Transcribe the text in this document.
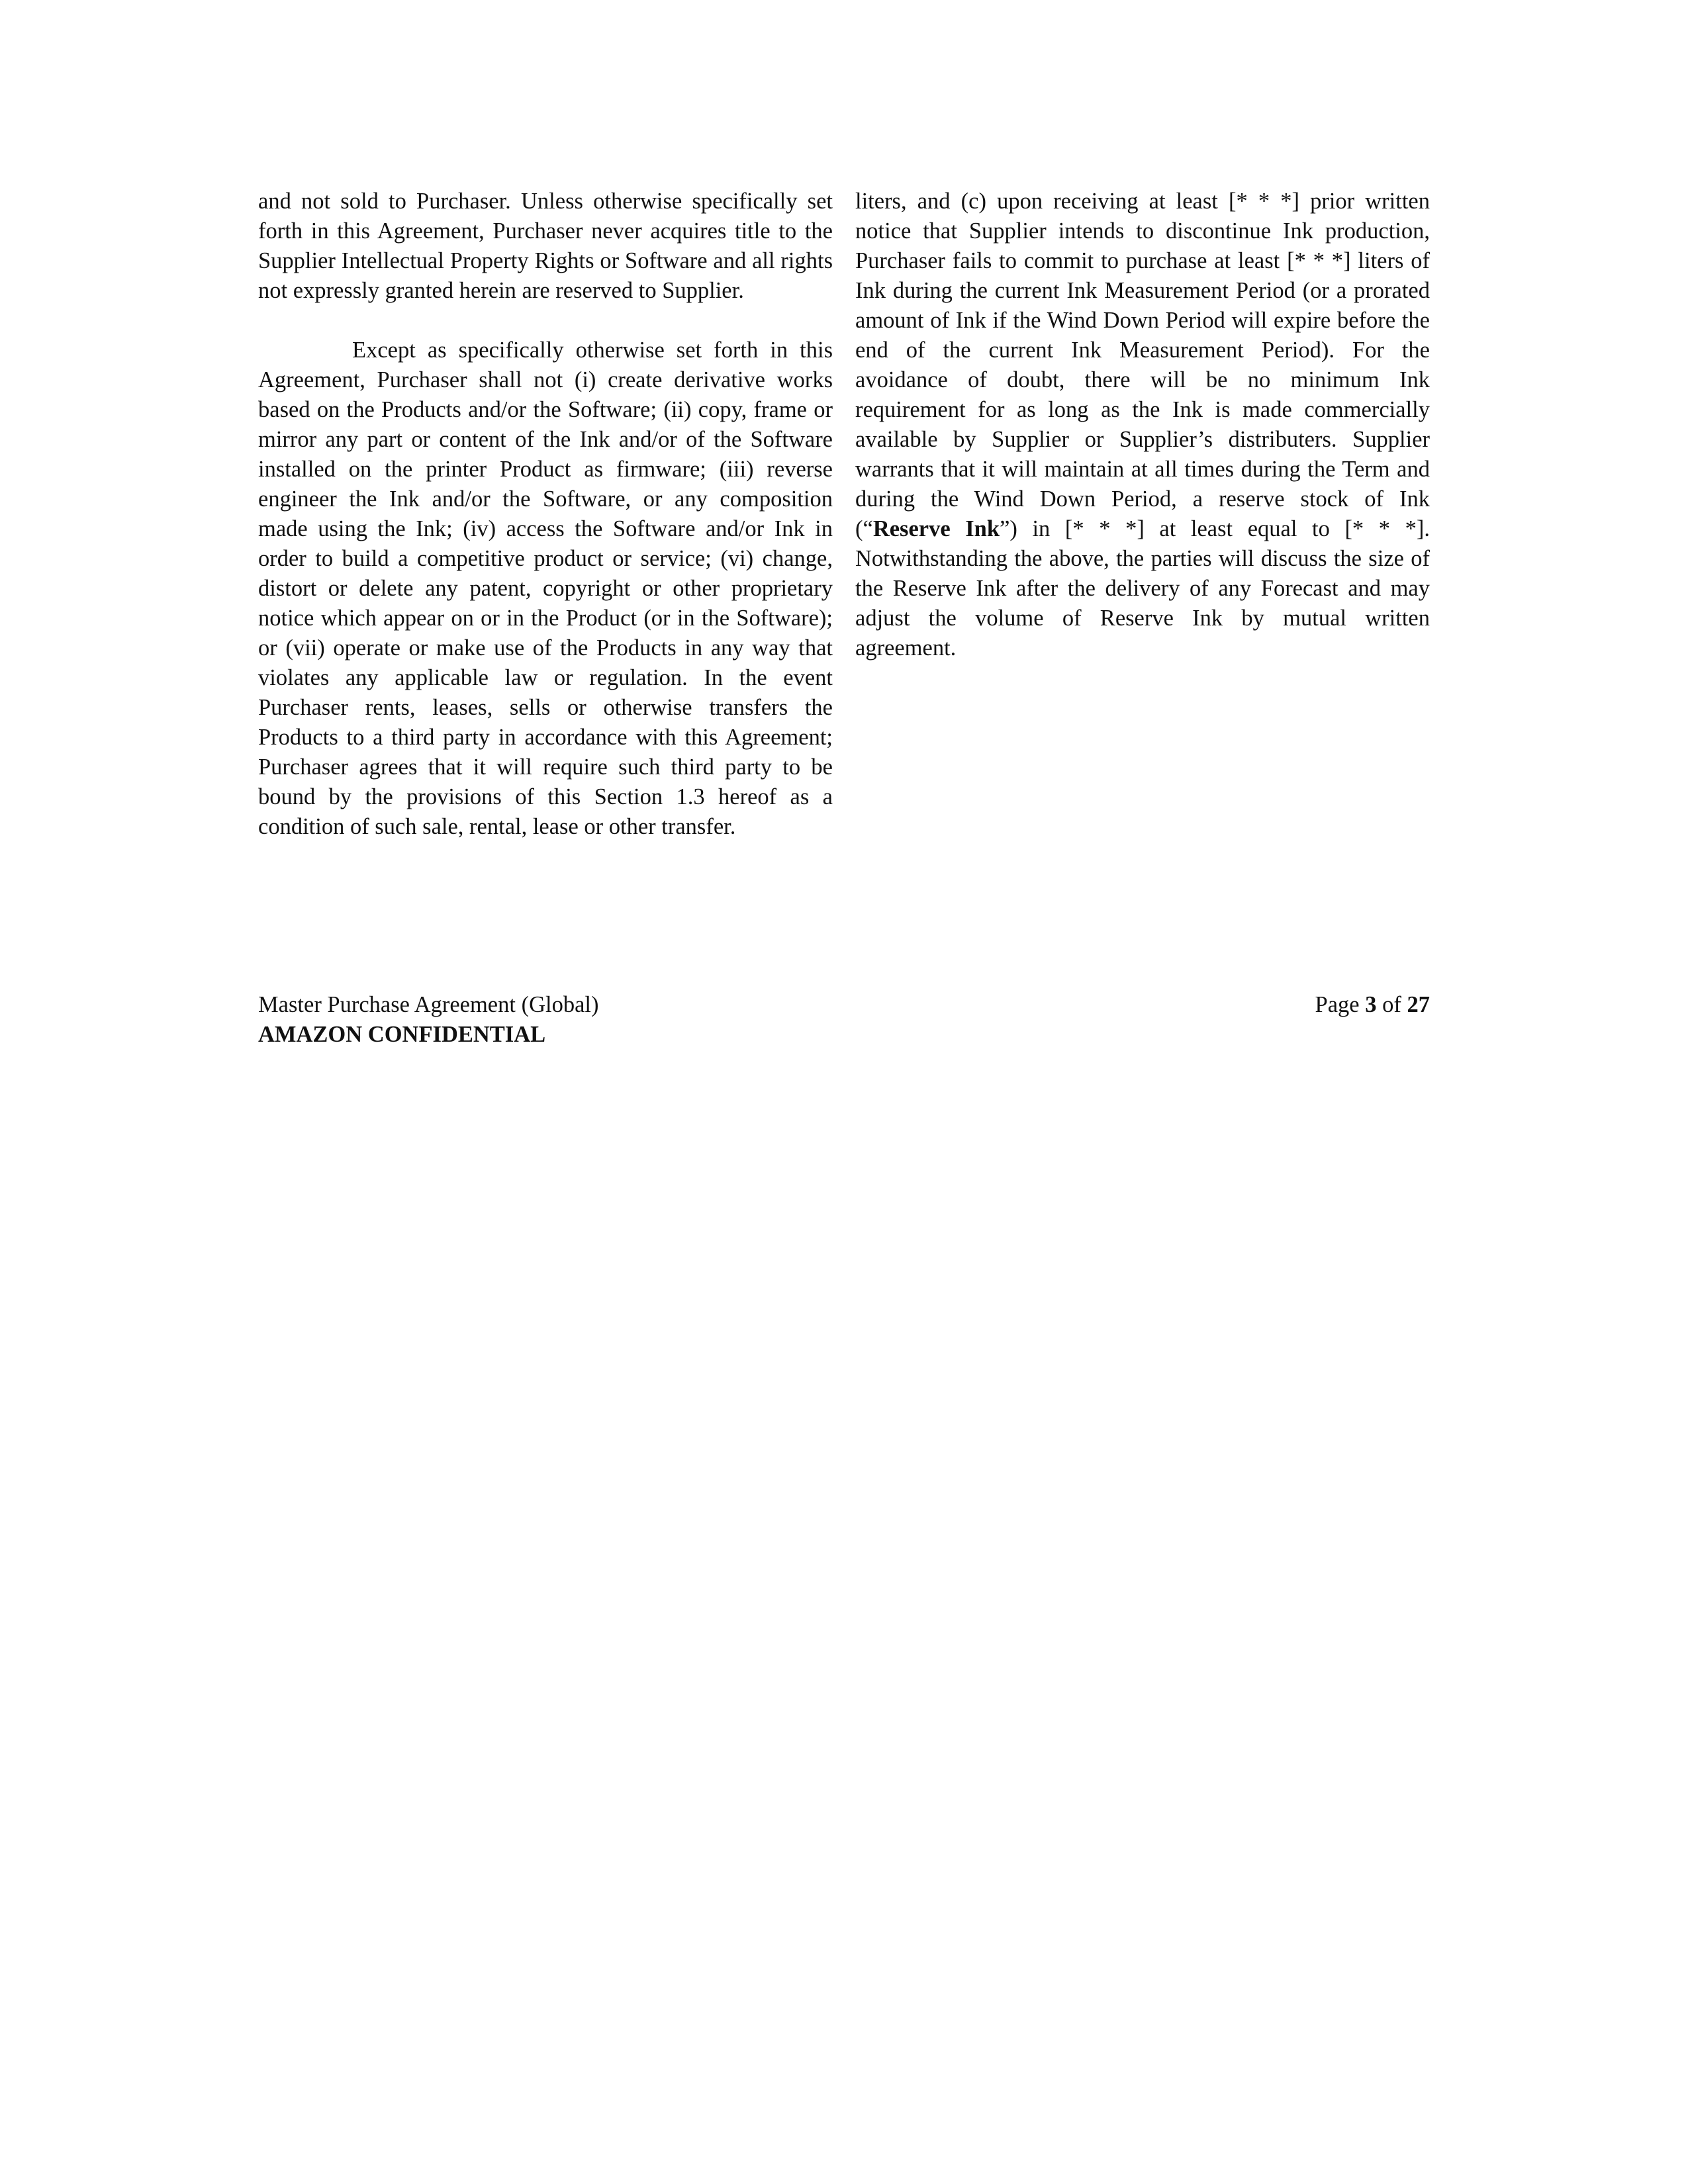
and not sold to Purchaser. Unless otherwise specifically set forth in this Agreement, Purchaser never acquires title to the Supplier Intellectual Property Rights or Software and all rights not expressly granted herein are reserved to Supplier.

Except as specifically otherwise set forth in this Agreement, Purchaser shall not (i) create derivative works based on the Products and/or the Software; (ii) copy, frame or mirror any part or content of the Ink and/or of the Software installed on the printer Product as firmware; (iii) reverse engineer the Ink and/or the Software, or any composition made using the Ink; (iv) access the Software and/or Ink in order to build a competitive product or service; (vi) change, distort or delete any patent, copyright or other proprietary notice which appear on or in the Product (or in the Software); or (vii) operate or make use of the Products in any way that violates any applicable law or regulation. In the event Purchaser rents, leases, sells or otherwise transfers the Products to a third party in accordance with this Agreement; Purchaser agrees that it will require such third party to be bound by the provisions of this Section 1.3 hereof as a condition of such sale, rental, lease or other transfer.

liters, and (c) upon receiving at least [* * *] prior written notice that Supplier intends to discontinue Ink production, Purchaser fails to commit to purchase at least [* * *] liters of Ink during the current Ink Measurement Period (or a prorated amount of Ink if the Wind Down Period will expire before the end of the current Ink Measurement Period). For the avoidance of doubt, there will be no minimum Ink requirement for as long as the Ink is made commercially available by Supplier or Supplier’s distributers. Supplier warrants that it will maintain at all times during the Term and during the Wind Down Period, a reserve stock of Ink (“Reserve Ink”) in [* * *] at least equal to [* * *]. Notwithstanding the above, the parties will discuss the size of the Reserve Ink after the delivery of any Forecast and may adjust the volume of Reserve Ink by mutual written agreement.

Master Purchase Agreement (Global)
AMAZON CONFIDENTIAL
Page 3 of 27
